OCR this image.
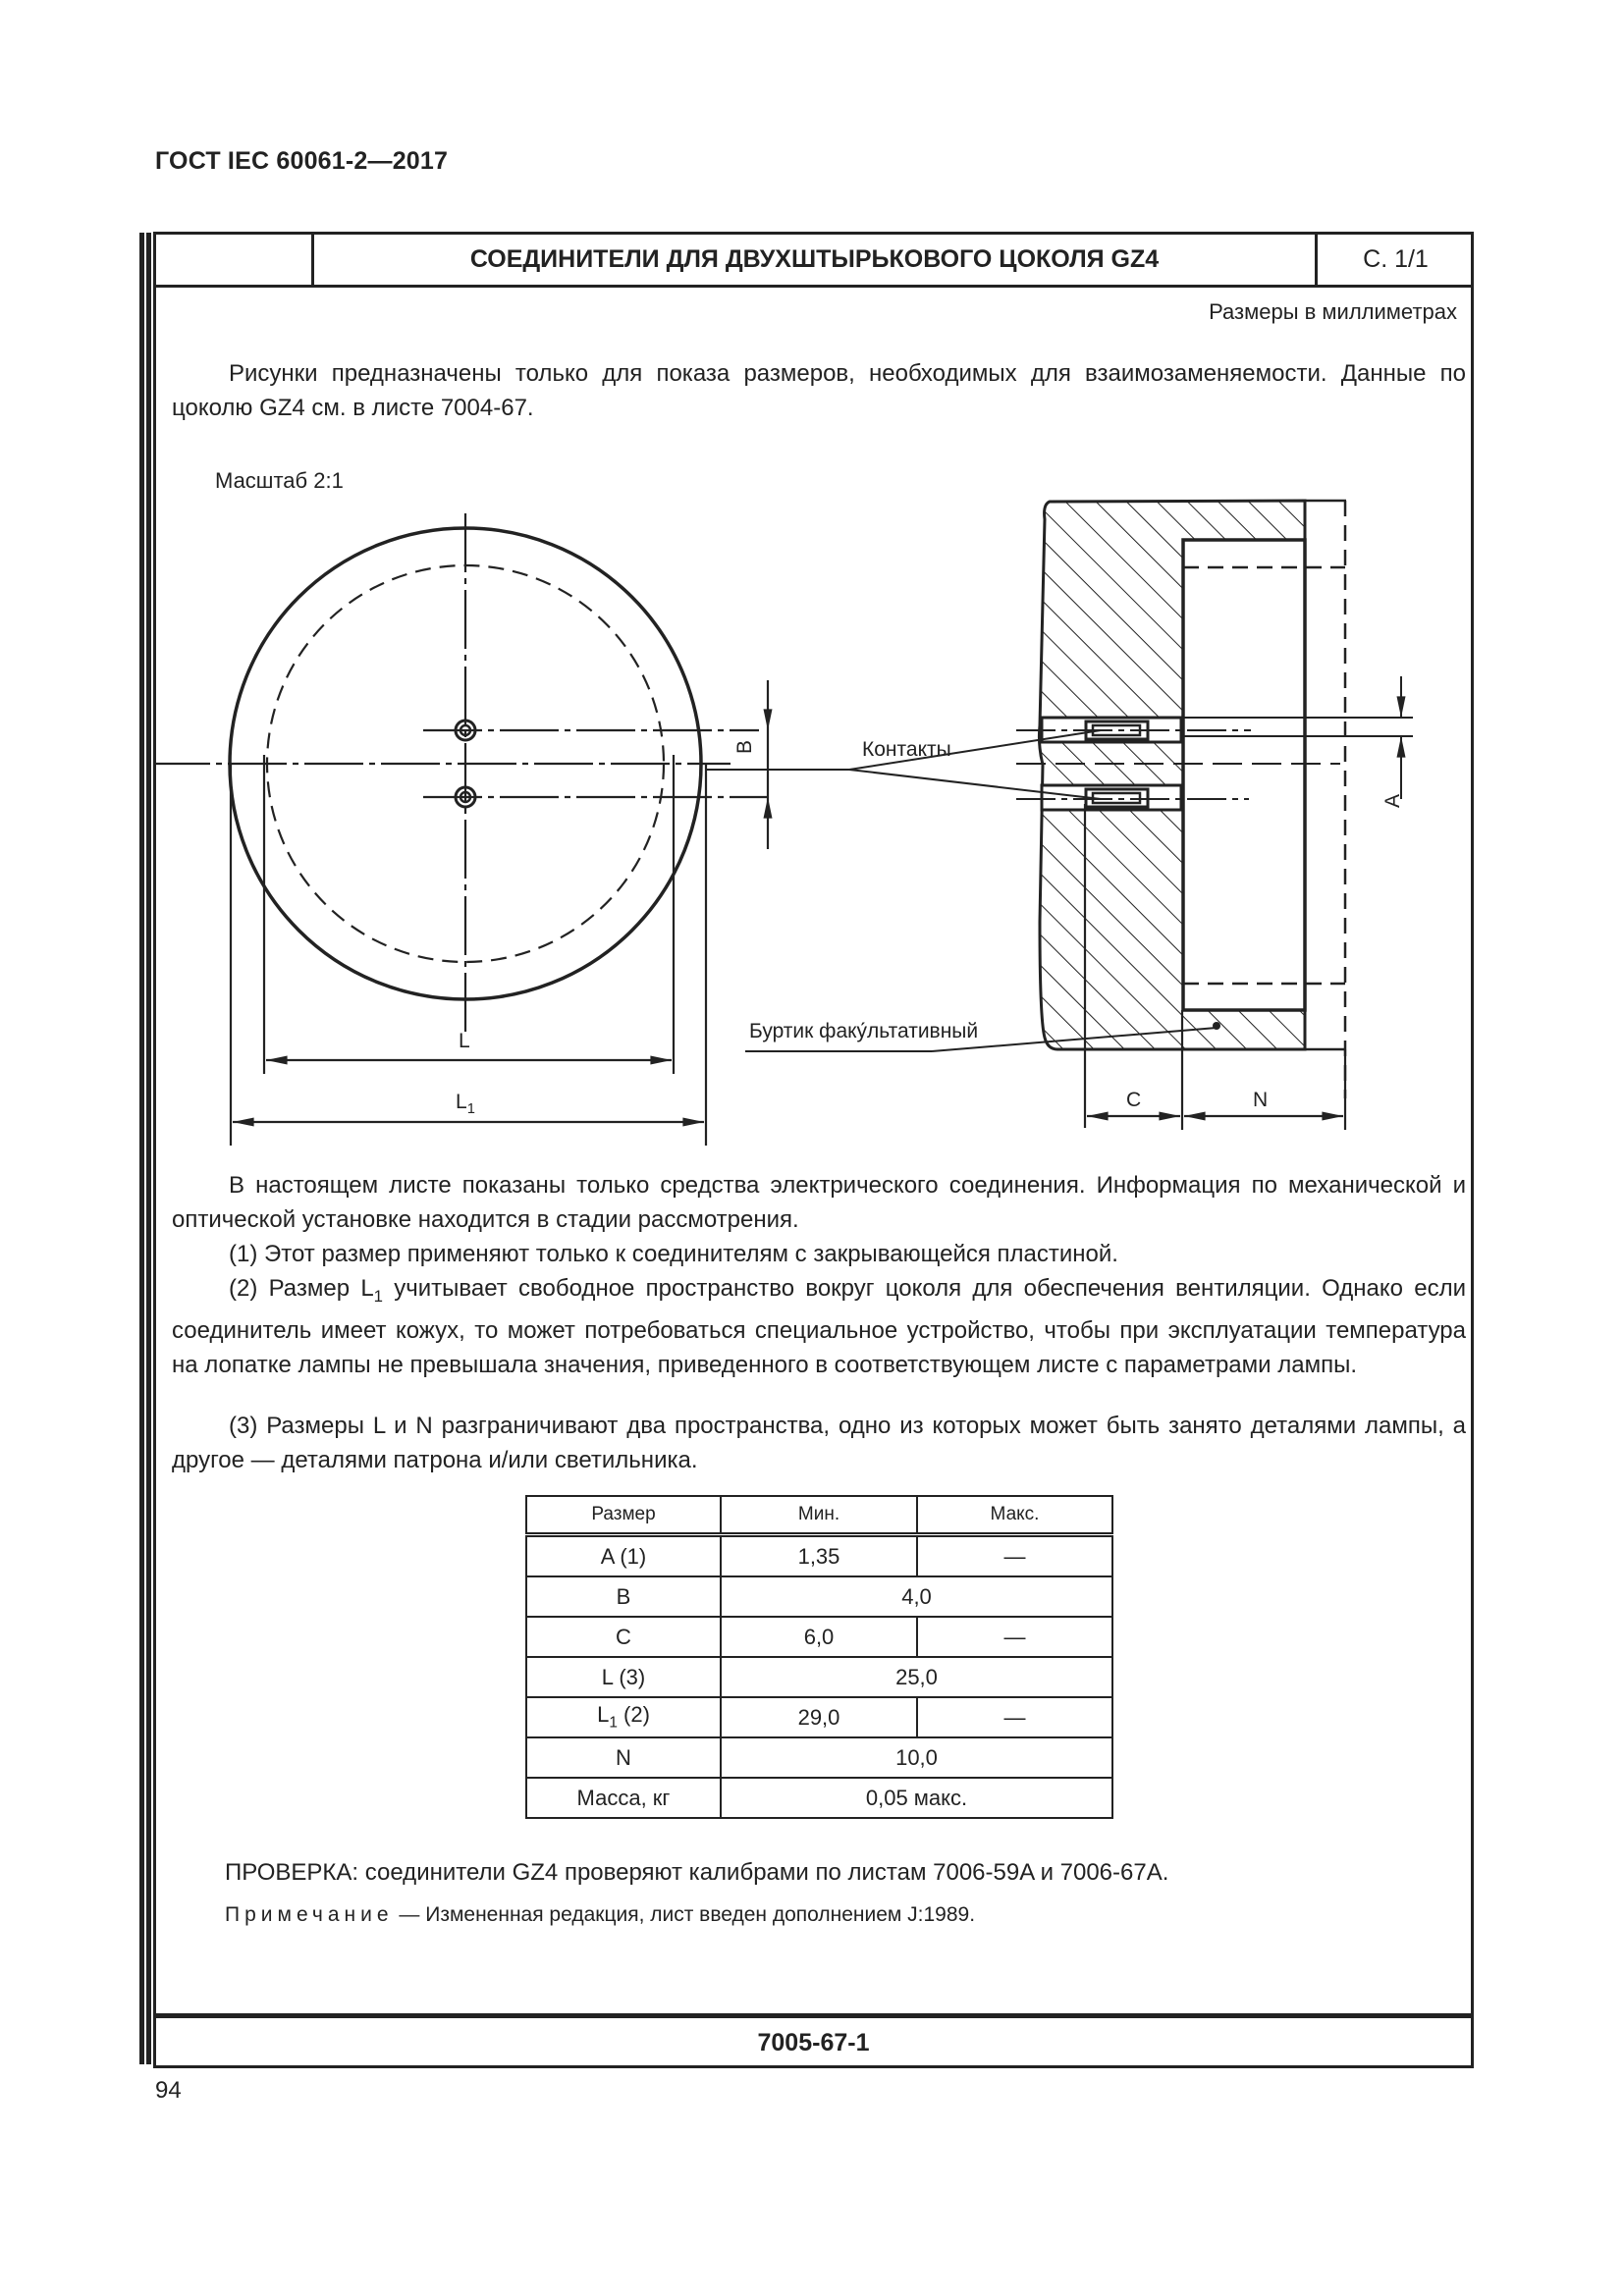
ГОСТ IEC 60061-2—2017
СОЕДИНИТЕЛИ ДЛЯ ДВУХШТЫРЬКОВОГО ЦОКОЛЯ GZ4	С. 1/1
Размеры в миллиметрах
Рисунки предназначены только для показа размеров, необходимых для взаимозаменяемости. Данные по цоколю GZ4 см. в листе 7004-67.
Масштаб 2:1
L
$L_1$
B
A
C	N
Контакты
Буртик факу́льтативный
В настоящем листе показаны только средства электрического соединения. Информация по механической и оптической установке находится в стадии рассмотрения.
(1) Этот размер применяют только к соединителям с закрывающейся пластиной.
(2) Размер $L_1$ учитывает свободное пространство вокруг цоколя для обеспечения вентиляции. Однако если соединитель имеет кожух, то может потребоваться специальное устройство, чтобы при эксплуатации температура на лопатке лампы не превышала значения, приведенного в соответствующем листе с параметрами лампы.
(3) Размеры L и N разграничивают два пространства, одно из которых может быть занято деталями лампы, а другое — деталями патрона и/или светильника.
Размер	Мин.	Макс.
A (1)	1,35	—
B	4,0	
C	6,0	—
L (3)	25,0	
$L_1$ (2)	29,0	—
N	10,0	
Масса, кг	0,05 макс.	
ПРОВЕРКА: соединители GZ4 проверяют калибрами по листам 7006-59A и 7006-67A.
Примечание — Измененная редакция, лист введен дополнением J:1989.
7005-67-1
94
